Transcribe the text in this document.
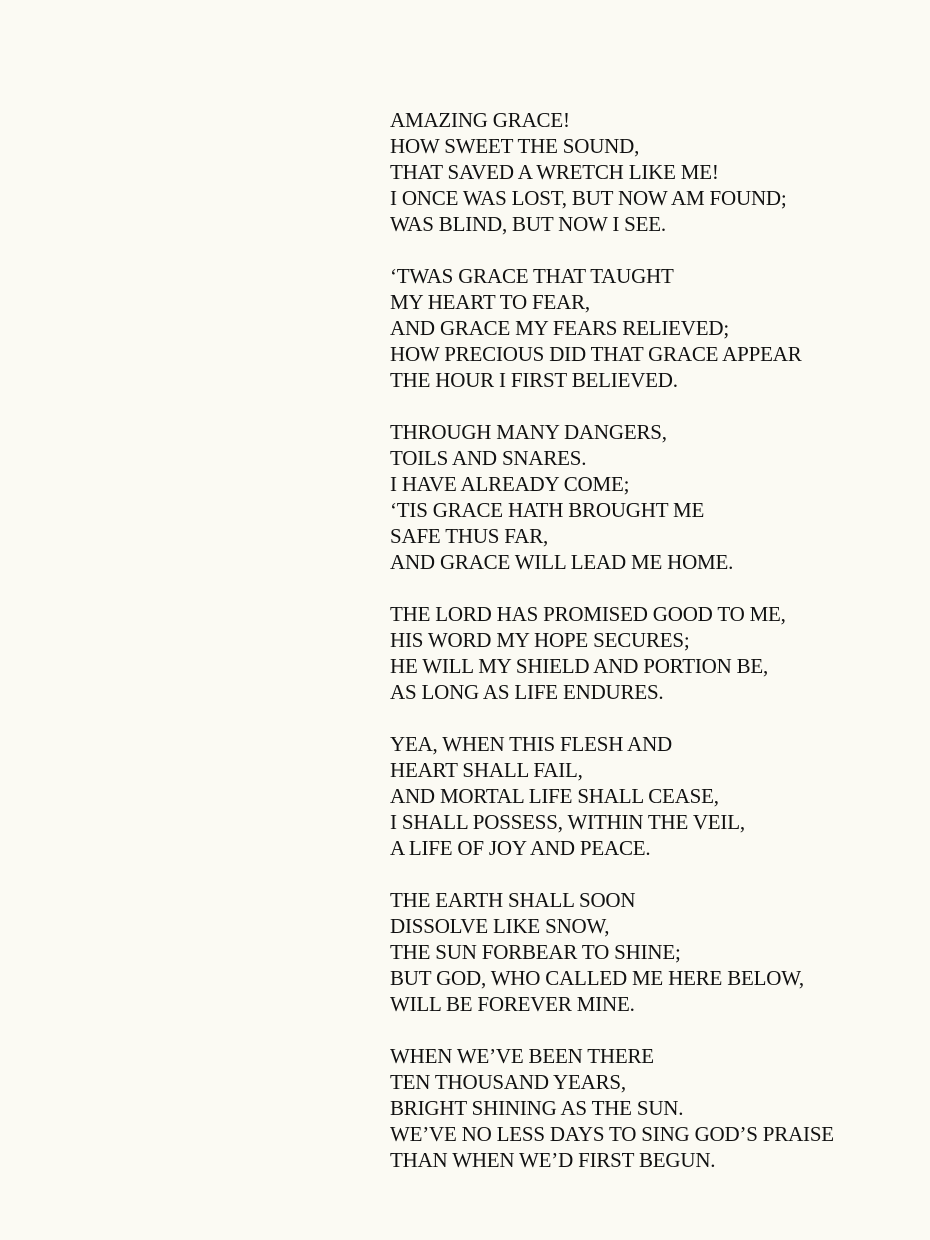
AMAZING GRACE!
HOW SWEET THE SOUND,
THAT SAVED A WRETCH LIKE ME!
I ONCE WAS LOST, BUT NOW AM FOUND;
WAS BLIND, BUT NOW I SEE.
‘TWAS GRACE THAT TAUGHT
MY HEART TO FEAR,
AND GRACE MY FEARS RELIEVED;
HOW PRECIOUS DID THAT GRACE APPEAR
THE HOUR I FIRST BELIEVED.
THROUGH MANY DANGERS,
TOILS AND SNARES.
I HAVE ALREADY COME;
‘TIS GRACE HATH BROUGHT ME
SAFE THUS FAR,
AND GRACE WILL LEAD ME HOME.
THE LORD HAS PROMISED GOOD TO ME,
HIS WORD MY HOPE SECURES;
HE WILL MY SHIELD AND PORTION BE,
AS LONG AS LIFE ENDURES.
YEA, WHEN THIS FLESH AND
HEART SHALL FAIL,
AND MORTAL LIFE SHALL CEASE,
I SHALL POSSESS, WITHIN THE VEIL,
A LIFE OF JOY AND PEACE.
THE EARTH SHALL SOON
DISSOLVE LIKE SNOW,
THE SUN FORBEAR TO SHINE;
BUT GOD, WHO CALLED ME HERE BELOW,
WILL BE FOREVER MINE.
WHEN WE’VE BEEN THERE
TEN THOUSAND YEARS,
BRIGHT SHINING AS THE SUN.
WE’VE NO LESS DAYS TO SING GOD’S PRAISE
THAN WHEN WE’D FIRST BEGUN.
